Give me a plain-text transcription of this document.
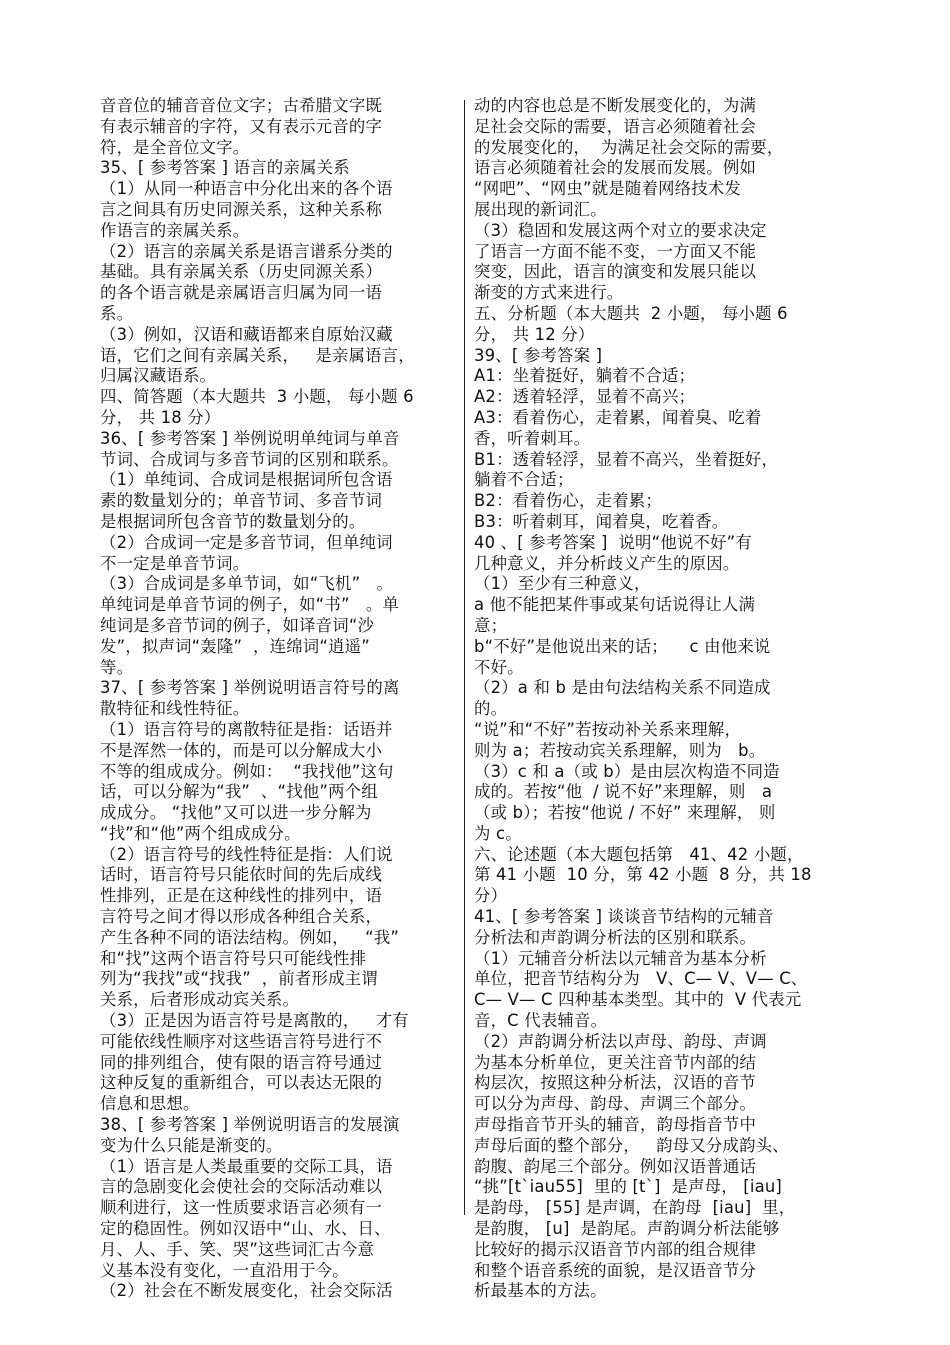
音音位的辅音音位文字；古希腊文字既
有表示辅音的字符，又有表示元音的字
符，是全音位文字。
35、[ 参考答案 ] 语言的亲属关系
（1）从同一种语言中分化出来的各个语
言之间具有历史同源关系，这种关系称
作语言的亲属关系。
（2）语言的亲属关系是语言谱系分类的
基础。具有亲属关系（历史同源关系）
的各个语言就是亲属语言归属为同一语
系。
（3）例如，汉语和藏语都来自原始汉藏
语，它们之间有亲属关系，   是亲属语言，
归属汉藏语系。
四、简答题（本大题共  3 小题， 每小题 6
分， 共 18 分）
36、[ 参考答案 ] 举例说明单纯词与单音
节词、合成词与多音节词的区别和联系。
（1）单纯词、合成词是根据词所包含语
素的数量划分的；单音节词、多音节词
是根据词所包含音节的数量划分的。
（2）合成词一定是多音节词，但单纯词
不一定是单音节词。
（3）合成词是多单节词，如“飞机”   。
单纯词是单音节词的例子，如“书”   。单
纯词是多音节词的例子，如译音词“沙
发”，拟声词“轰隆”  ，连绵词“逍遥”
等。
37、[ 参考答案 ] 举例说明语言符号的离
散特征和线性特征。
（1）语言符号的离散特征是指：话语并
不是浑然一体的，而是可以分解成大小
不等的组成成分。例如：  “我找他”这句
话，可以分解为“我”  、“找他”两个组
成成分。 “找他”又可以进一步分解为
“找”和“他”两个组成成分。
（2）语言符号的线性特征是指：人们说
话时，语言符号只能依时间的先后成线
性排列，正是在这种线性的排列中，语
言符号之间才得以形成各种组合关系，
产生各种不同的语法结构。例如，   “我”
和“找”这两个语言符号只可能线性排
列为“我找”或“找我”  ，前者形成主谓
关系，后者形成动宾关系。
（3）正是因为语言符号是离散的，   才有
可能依线性顺序对这些语言符号进行不
同的排列组合，使有限的语言符号通过
这种反复的重新组合，可以表达无限的
信息和思想。
38、[ 参考答案 ] 举例说明语言的发展演
变为什么只能是渐变的。
（1）语言是人类最重要的交际工具，语
言的急剧变化会使社会的交际活动难以
顺利进行，这一性质要求语言必须有一
定的稳固性。例如汉语中“山、水、日、
月、人、手、笑、哭”这些词汇古今意
义基本没有变化，一直沿用于今。
（2）社会在不断发展变化，社会交际活
动的内容也总是不断发展变化的，为满
足社会交际的需要，语言必须随着社会
的发展变化的，  为满足社会交际的需要，
语言必须随着社会的发展而发展。例如
“网吧”、“网虫”就是随着网络技术发
展出现的新词汇。
（3）稳固和发展这两个对立的要求决定
了语言一方面不能不变，一方面又不能
突变，因此，语言的演变和发展只能以
渐变的方式来进行。
五、分析题（本大题共  2 小题， 每小题 6
分， 共 12 分）
39、[ 参考答案 ]
A1：坐着挺好，躺着不合适；
A2：透着轻浮，显着不高兴；
A3：看着伤心，走着累，闻着臭、吃着
香，听着刺耳。
B1：透着轻浮，显着不高兴，坐着挺好，
躺着不合适；
B2：看着伤心，走着累；
B3：听着刺耳，闻着臭，吃着香。
40 、[ 参考答案 ]  说明“他说不好”有
几种意义，并分析歧义产生的原因。
（1）至少有三种意义，
a 他不能把某件事或某句话说得让人满
意；
b“不好”是他说出来的话；    c 由他来说
不好。
（2）a 和 b 是由句法结构关系不同造成
的。
“说”和“不好”若按动补关系来理解，
则为 a；若按动宾关系理解，则为   b。
（3）c 和 a（或 b）是由层次构造不同造
成的。若按“他  / 说不好”来理解，则   a
（或 b）；若按“他说 / 不好” 来理解， 则
为 c。
六、论述题（本大题包括第   41、42 小题，
第 41 小题  10 分，第 42 小题  8 分，共 18
分）
41、[ 参考答案 ] 谈谈音节结构的元辅音
分析法和声韵调分析法的区别和联系。
（1）元辅音分析法以元辅音为基本分析
单位，把音节结构分为   V、C— V、V— C、
C— V— C 四种基本类型。其中的  V 代表元
音，C 代表辅音。
（2）声韵调分析法以声母、韵母、声调
为基本分析单位，更关注音节内部的结
构层次，按照这种分析法，汉语的音节
可以分为声母、韵母、声调三个部分。
声母指音节开头的辅音，韵母指音节中
声母后面的整个部分，   韵母又分成韵头、
韵腹、韵尾三个部分。例如汉语普通话
“挑”[t`iau55]  里的 [t`]  是声母， [iau]
是韵母， [55] 是声调，在韵母  [iau]  里，
是韵腹， [u]  是韵尾。声韵调分析法能够
比较好的揭示汉语音节内部的组合规律
和整个语音系统的面貌，是汉语音节分
析最基本的方法。
